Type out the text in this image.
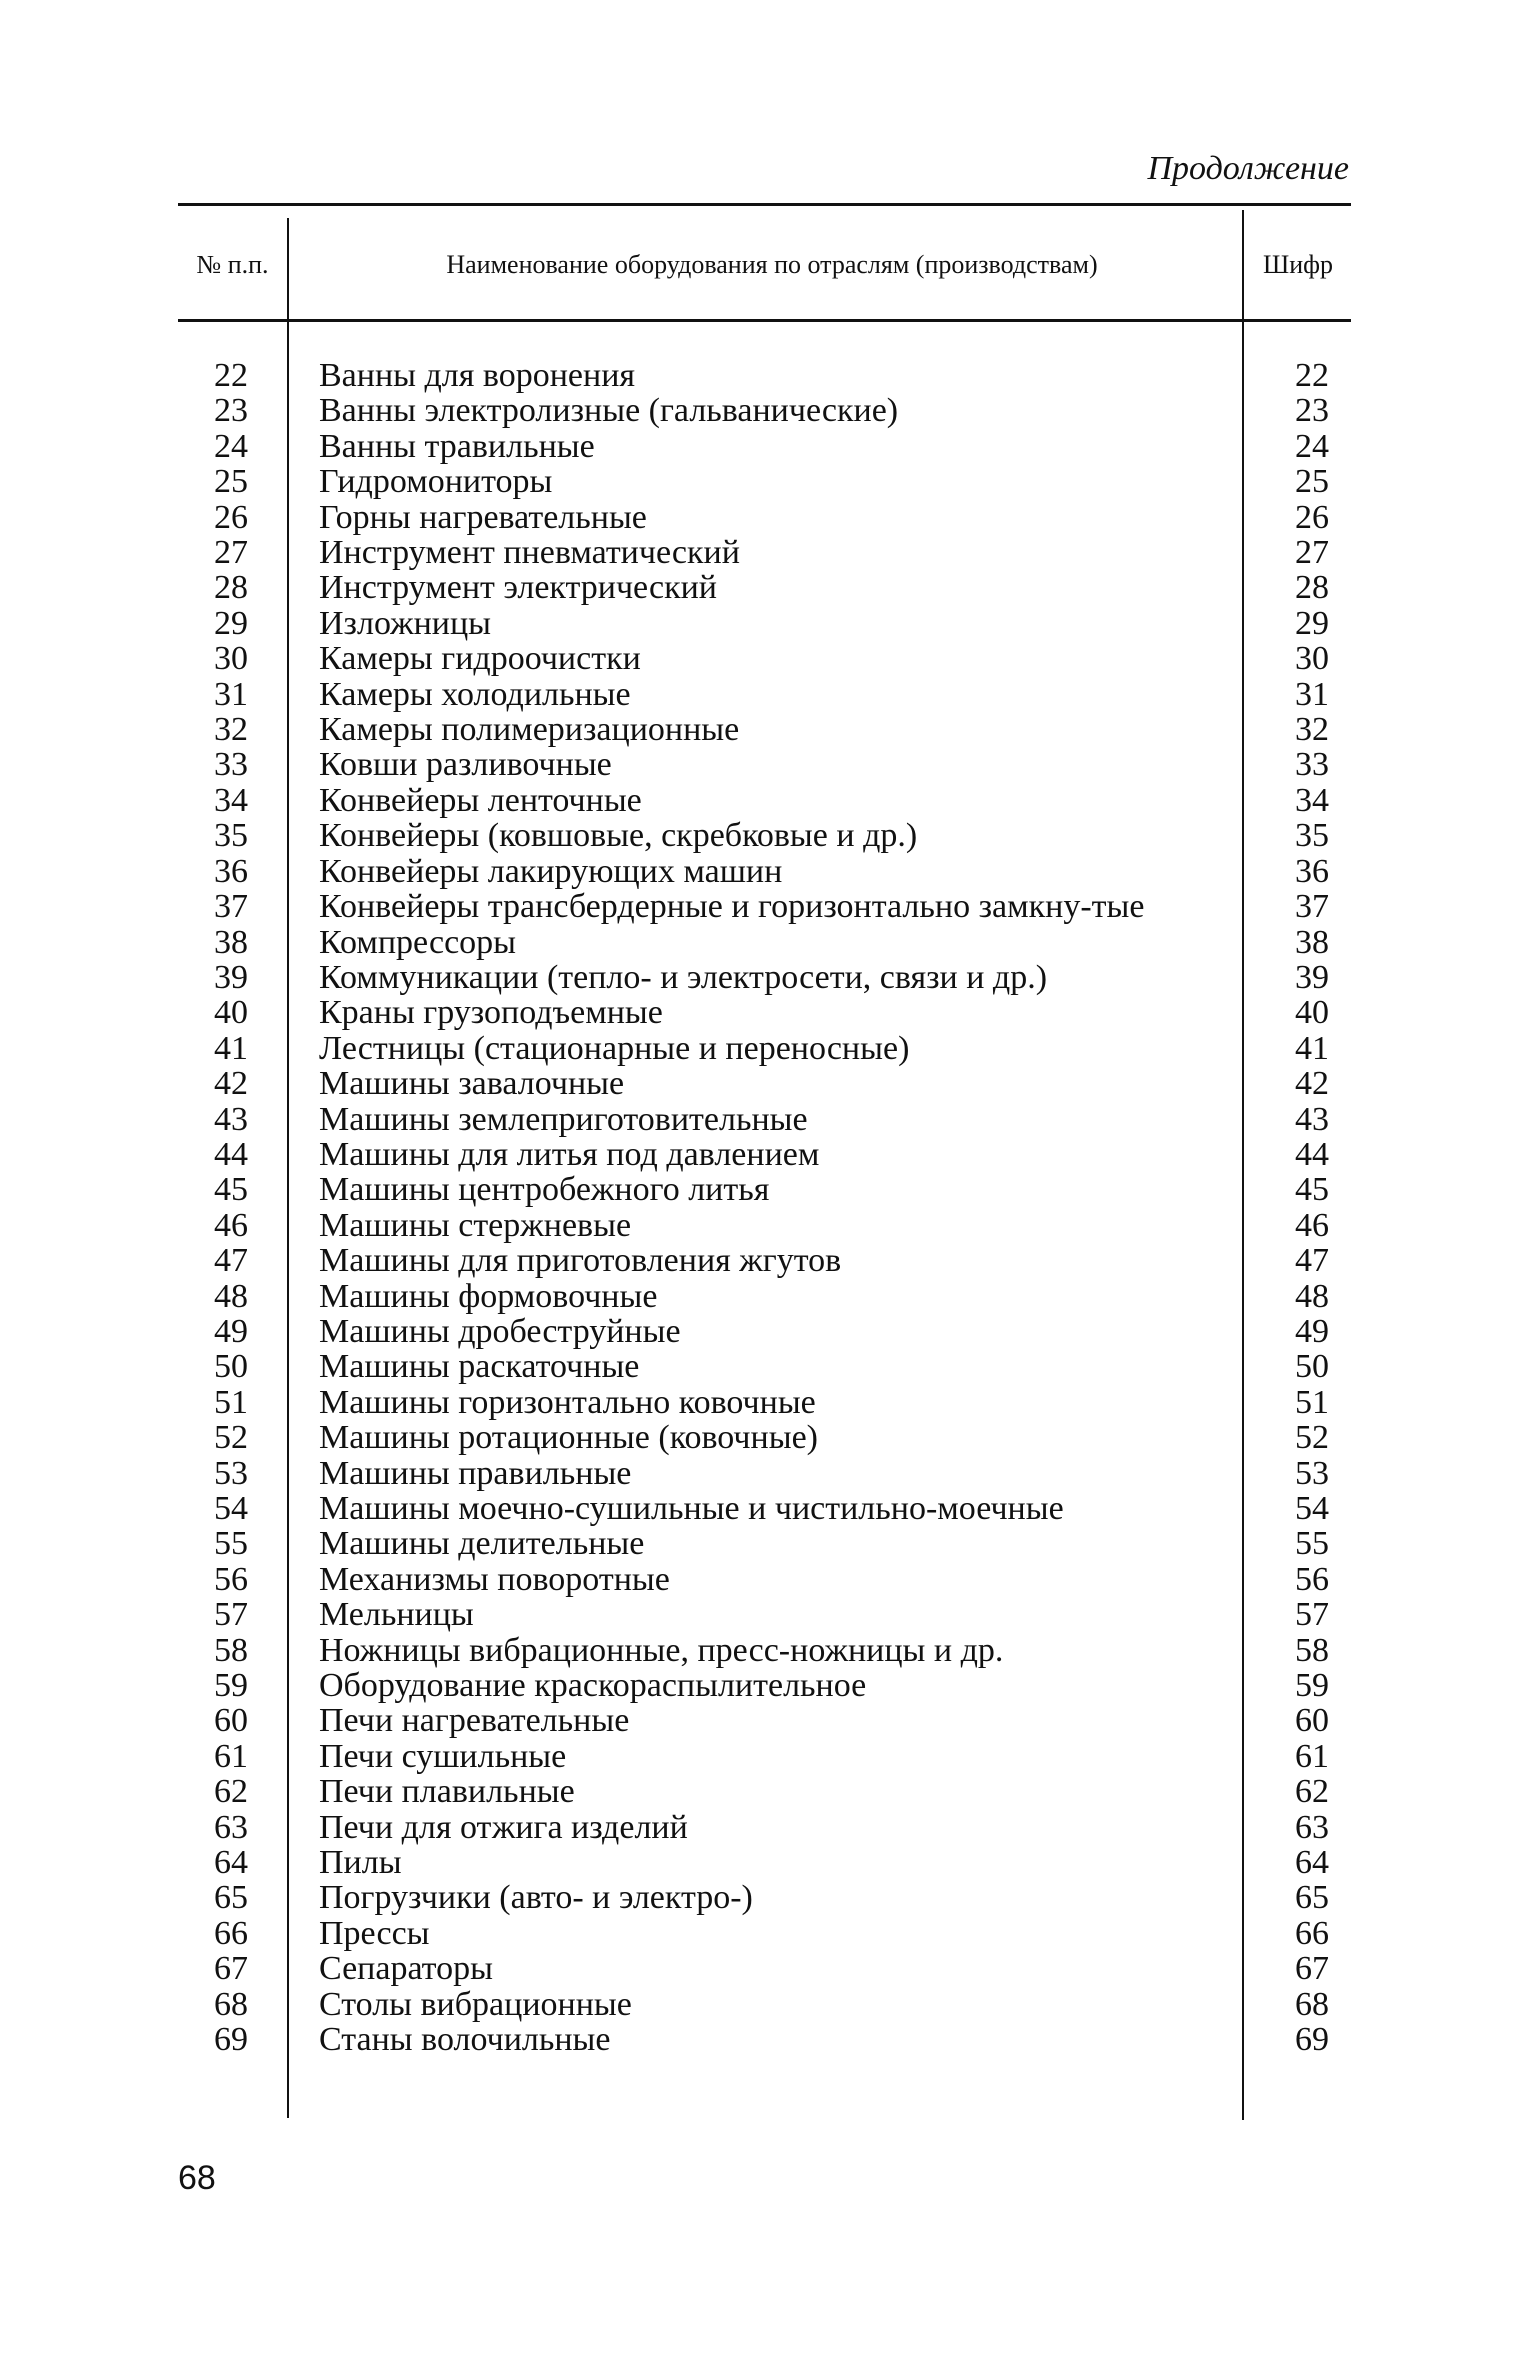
Продолжение
№ п.п.	Наименование оборудования по отраслям (производствам)	Шифр
22 Ванны для воронения	22
23 Ванны электролизные (гальванические)	23
24 Ванны травильные	24
25 Гидромониторы	25
26 Горны нагревательные	26
27 Инструмент пневматический	27
28 Инструмент электрический	28
29 Изложницы	29
30 Камеры гидроочистки	30
31 Камеры холодильные	31
32 Камеры полимеризационные	32
33 Ковши разливочные	33
34 Конвейеры ленточные	34
35 Конвейеры (ковшовые, скребковые и др.)	35
36 Конвейеры лакирующих машин	36
37 Конвейеры трансбердерные и горизонтально замкну-тые	37
38 Компрессоры	38
39 Коммуникации (тепло- и электросети, связи и др.)	39
40 Краны грузоподъемные	40
41 Лестницы (стационарные и переносные)	41
42 Машины завалочные	42
43 Машины землеприготовительные	43
44 Машины для литья под давлением	44
45 Машины центробежного литья	45
46 Машины стержневые	46
47 Машины для приготовления жгутов	47
48 Машины формовочные	48
49 Машины дробеструйные	49
50 Машины раскаточные	50
51 Машины горизонтально ковочные	51
52 Машины ротационные (ковочные)	52
53 Машины правильные	53
54 Машины моечно-сушильные и чистильно-моечные	54
55 Машины делительные	55
56 Механизмы поворотные	56
57 Мельницы	57
58 Ножницы вибрационные, пресс-ножницы и др.	58
59 Оборудование краскораспылительное	59
60 Печи нагревательные	60
61 Печи сушильные	61
62 Печи плавильные	62
63 Печи для отжига изделий	63
64 Пилы	64
65 Погрузчики (авто- и электро-)	65
66 Прессы	66
67 Сепараторы	67
68 Столы вибрационные	68
69 Станы волочильные	69
68
